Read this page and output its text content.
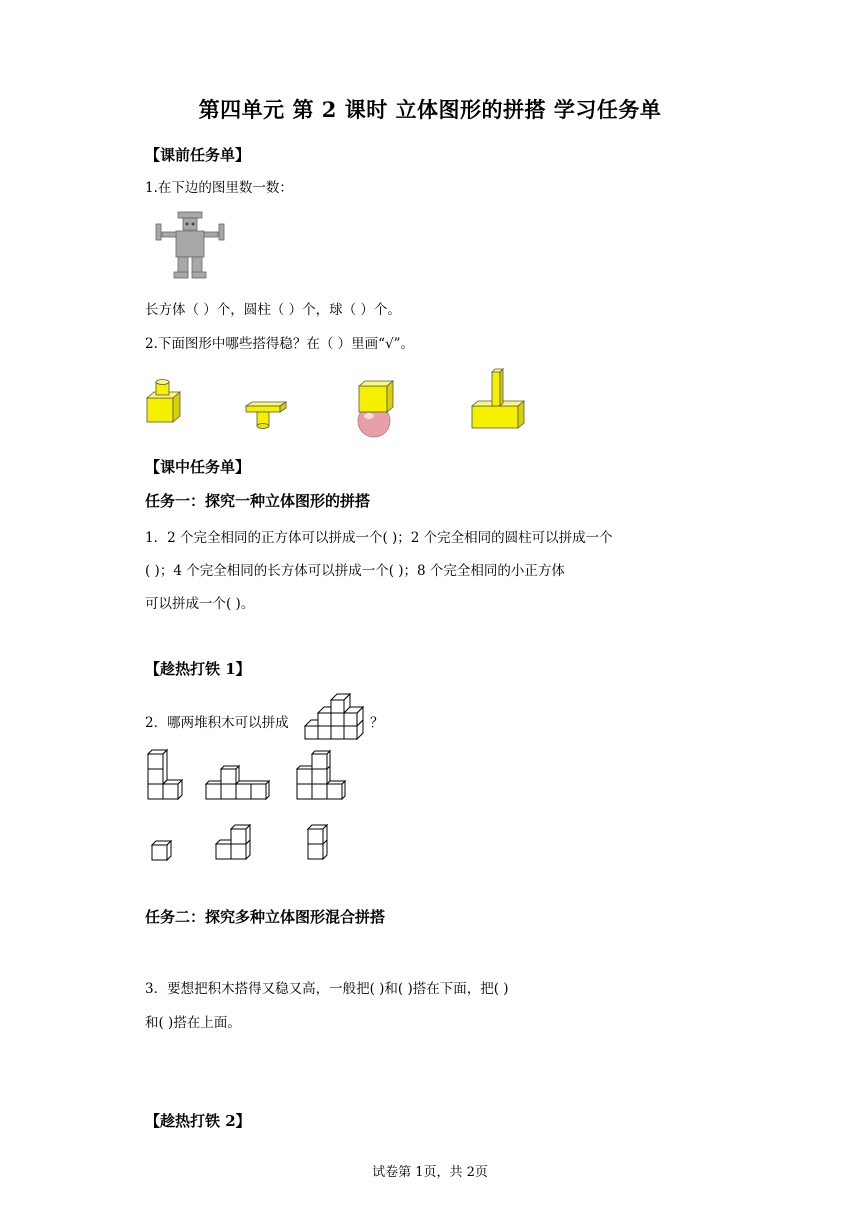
第四单元 第 2 课时 立体图形的拼搭 学习任务单
【课前任务单】
1.在下边的图里数一数：
长方体（ ）个，圆柱（ ）个，球（ ）个。
2.下面图形中哪些搭得稳？在（ ）里画“√”。
【课中任务单】
任务一：探究一种立体图形的拼搭
1．2 个完全相同的正方体可以拼成一个( )；2 个完全相同的圆柱可以拼成一个
( )；4 个完全相同的长方体可以拼成一个( )；8 个完全相同的小正方体
可以拼成一个( )。
【趁热打铁 1】
2．哪两堆积木可以拼成	？
任务二：探究多种立体图形混合拼搭
3．要想把积木搭得又稳又高，一般把( )和( )搭在下面，把( )
和( )搭在上面。
【趁热打铁 2】
试卷第 1页，共 2页
